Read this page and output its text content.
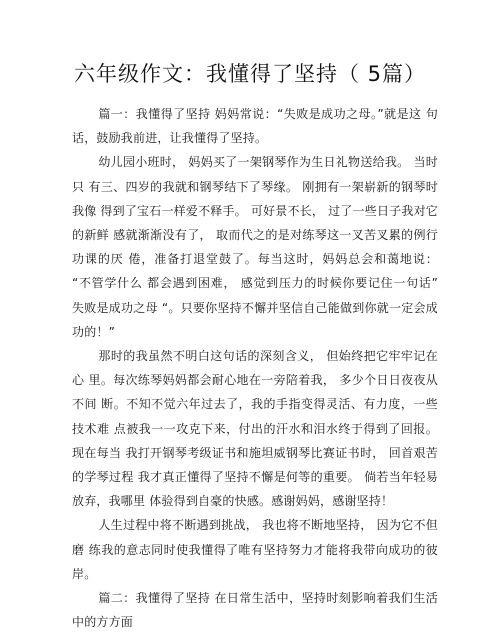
六年级作文：我懂得了坚持（ 5篇）

篇一：我懂得了坚持 妈妈常说：“失败是成功之母。”就是这 句话，鼓励我前进，让我懂得了坚持。

幼儿园小班时， 妈妈买了一架钢琴作为生日礼物送给我。 当时只 有三、四岁的我就和钢琴结下了琴缘。 刚拥有一架崭新的钢琴时我像 得到了宝石一样爱不释手。 可好景不长， 过了一些日子我对它的新鲜 感就渐渐没有了， 取而代之的是对练琴这一叉苦叉累的例行功课的厌 倦，准备打退堂鼓了。每当这时，妈妈总会和蔼地说： “不管学什么 都会遇到困难， 感觉到压力的时候你要记住一句话” 失败是成功之母 “。只要你坚持不懈并坚信自己能做到你就一定会成功的！”

那时的我虽然不明白这句话的深刻含义， 但始终把它牢牢记在心 里。每次练琴妈妈都会耐心地在一旁陪着我， 多少个日日夜夜从不间 断。不知不觉六年过去了，我的手指变得灵活、有力度，一些技术难 点被我一一攻克下来，付出的汗水和泪水终于得到了回报。 现在每当 我打开钢琴考级证书和施坦威钢琴比赛证书时， 回首艰苦的学琴过程 我才真正懂得了坚持不懈是何等的重要。 倘若当年轻易放弃，我哪里 体验得到自豪的快感。感谢妈妈，感谢坚持！

人生过程中将不断遇到挑战， 我也将不断地坚持， 因为它不但磨 练我的意志同时使我懂得了唯有坚持努力才能将我带向成功的彼岸。

篇二：我懂得了坚持 在日常生活中，坚持时刻影响着我们生活中的方方面
